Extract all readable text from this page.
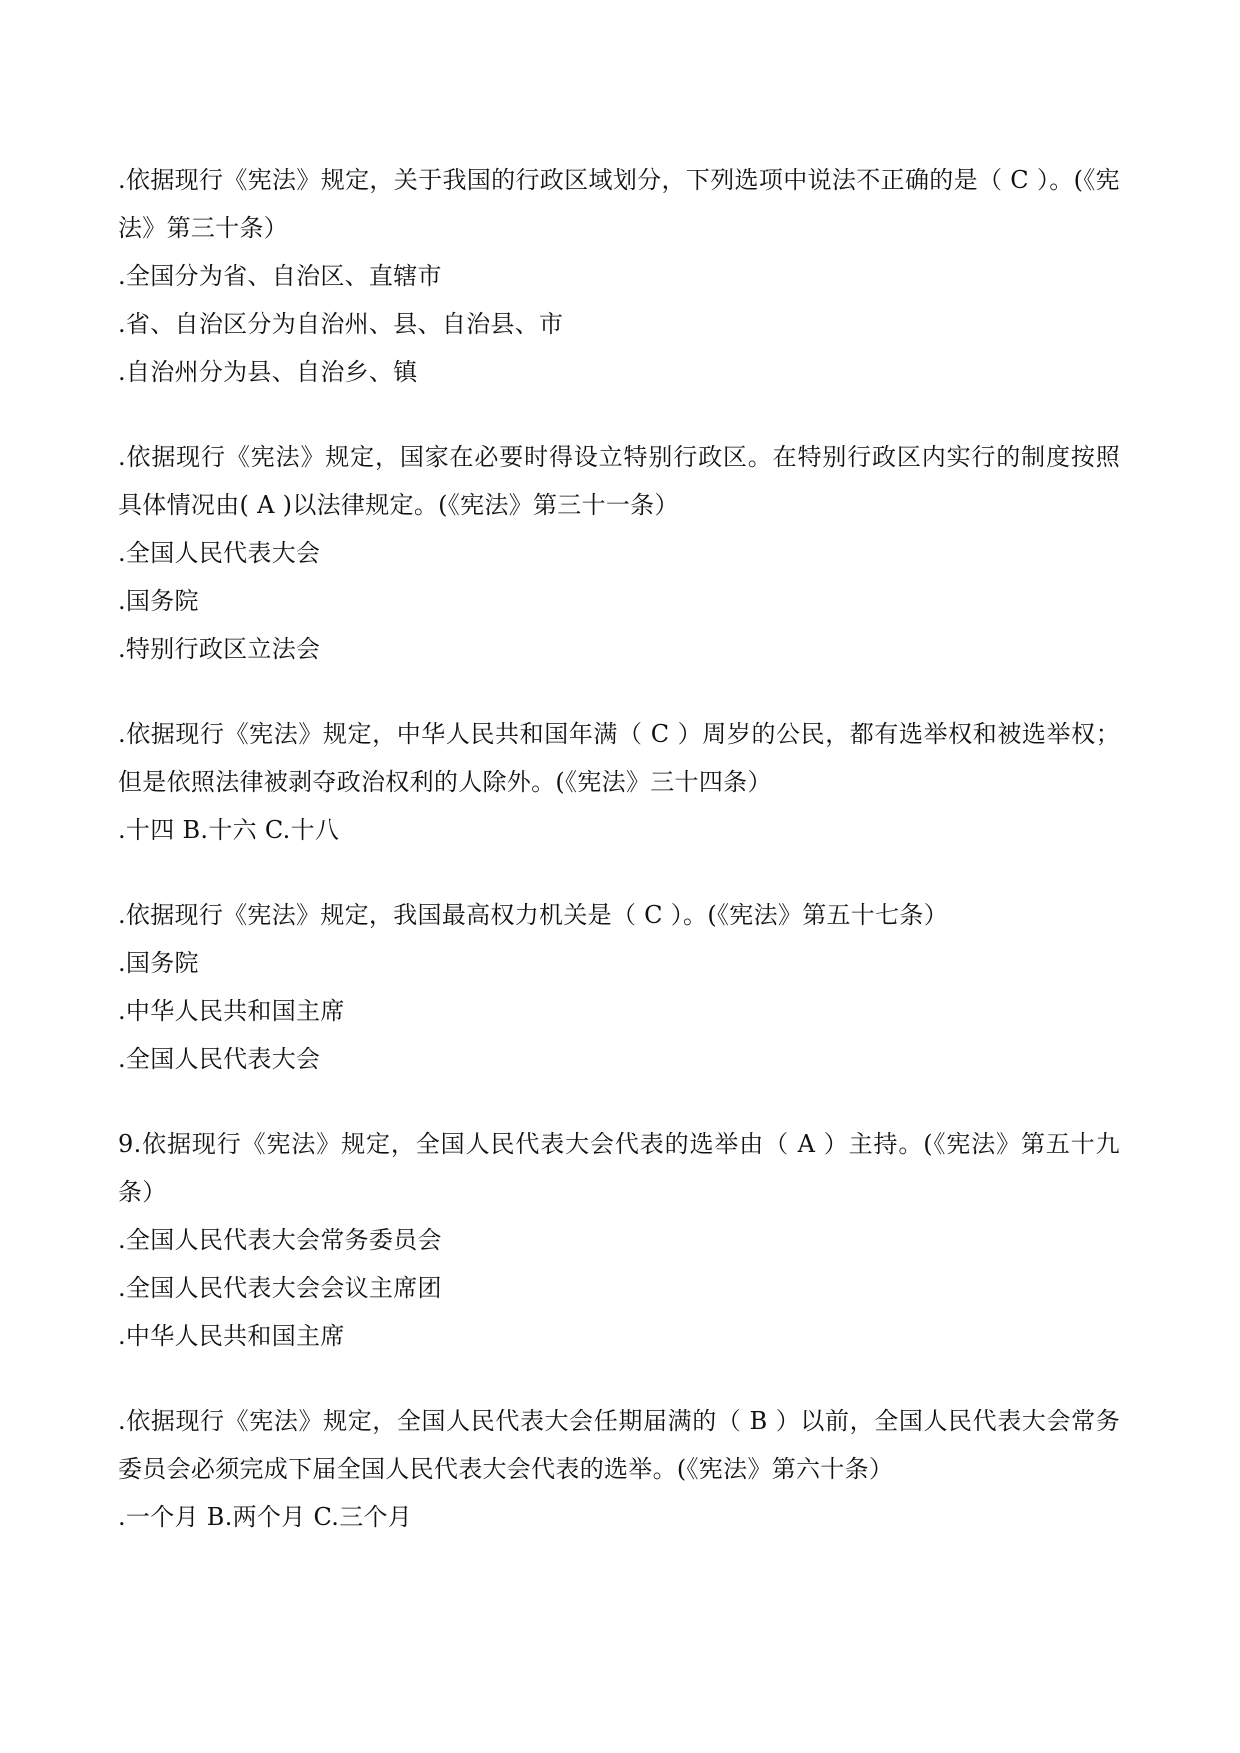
.依据现行《宪法》规定，关于我国的行政区域划分，下列选项中说法不正确的是（ C ）。(《宪法》第三十条）

.全国分为省、自治区、直辖市

.省、自治区分为自治州、县、自治县、市

.自治州分为县、自治乡、镇

.依据现行《宪法》规定，国家在必要时得设立特别行政区。在特别行政区内实行的制度按照具体情况由( A )以法律规定。(《宪法》第三十一条）

.全国人民代表大会

.国务院

.特别行政区立法会

.依据现行《宪法》规定，中华人民共和国年满（ C ）周岁的公民，都有选举权和被选举权；但是依照法律被剥夺政治权利的人除外。(《宪法》三十四条）

.十四 B.十六 C.十八

.依据现行《宪法》规定，我国最高权力机关是（ C ）。(《宪法》第五十七条）

.国务院

.中华人民共和国主席

.全国人民代表大会

9.依据现行《宪法》规定，全国人民代表大会代表的选举由（ A ）主持。(《宪法》第五十九条）

.全国人民代表大会常务委员会

.全国人民代表大会会议主席团

.中华人民共和国主席

.依据现行《宪法》规定，全国人民代表大会任期届满的（ B ）以前，全国人民代表大会常务委员会必须完成下届全国人民代表大会代表的选举。(《宪法》第六十条）

.一个月 B.两个月 C.三个月
